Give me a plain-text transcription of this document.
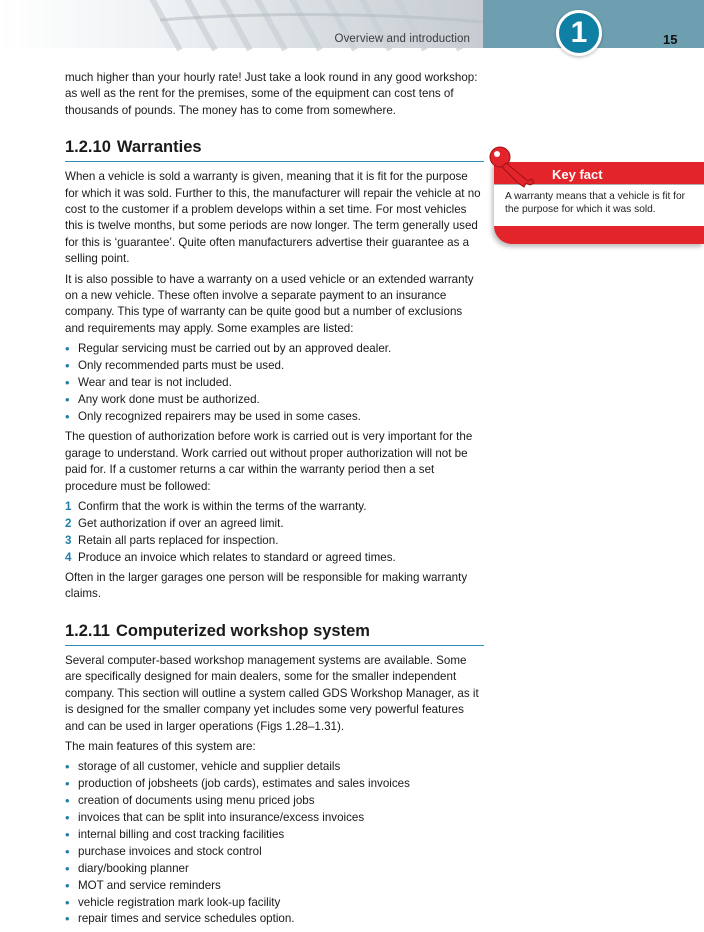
Overview and introduction	1	15

much higher than your hourly rate! Just take a look round in any good workshop: as well as the rent for the premises, some of the equipment can cost tens of thousands of pounds. The money has to come from somewhere.

1.2.10 Warranties

When a vehicle is sold a warranty is given, meaning that it is fit for the purpose for which it was sold. Further to this, the manufacturer will repair the vehicle at no cost to the customer if a problem develops within a set time. For most vehicles this is twelve months, but some periods are now longer. The term generally used for this is ‘guarantee’. Quite often manufacturers advertise their guarantee as a selling point.

It is also possible to have a warranty on a used vehicle or an extended warranty on a new vehicle. These often involve a separate payment to an insurance company. This type of warranty can be quite good but a number of exclusions and requirements may apply. Some examples are listed:

• Regular servicing must be carried out by an approved dealer.
• Only recommended parts must be used.
• Wear and tear is not included.
• Any work done must be authorized.
• Only recognized repairers may be used in some cases.

The question of authorization before work is carried out is very important for the garage to understand. Work carried out without proper authorization will not be paid for. If a customer returns a car within the warranty period then a set procedure must be followed:

1 Confirm that the work is within the terms of the warranty.
2 Get authorization if over an agreed limit.
3 Retain all parts replaced for inspection.
4 Produce an invoice which relates to standard or agreed times.

Often in the larger garages one person will be responsible for making warranty claims.

1.2.11 Computerized workshop system

Several computer-based workshop management systems are available. Some are specifically designed for main dealers, some for the smaller independent company. This section will outline a system called GDS Workshop Manager, as it is designed for the smaller company yet includes some very powerful features and can be used in larger operations (Figs 1.28–1.31).

The main features of this system are:

• storage of all customer, vehicle and supplier details
• production of jobsheets (job cards), estimates and sales invoices
• creation of documents using menu priced jobs
• invoices that can be split into insurance/excess invoices
• internal billing and cost tracking facilities
• purchase invoices and stock control
• diary/booking planner
• MOT and service reminders
• vehicle registration mark look-up facility
• repair times and service schedules option.
Key fact
A warranty means that a vehicle is fit for the purpose for which it was sold.
